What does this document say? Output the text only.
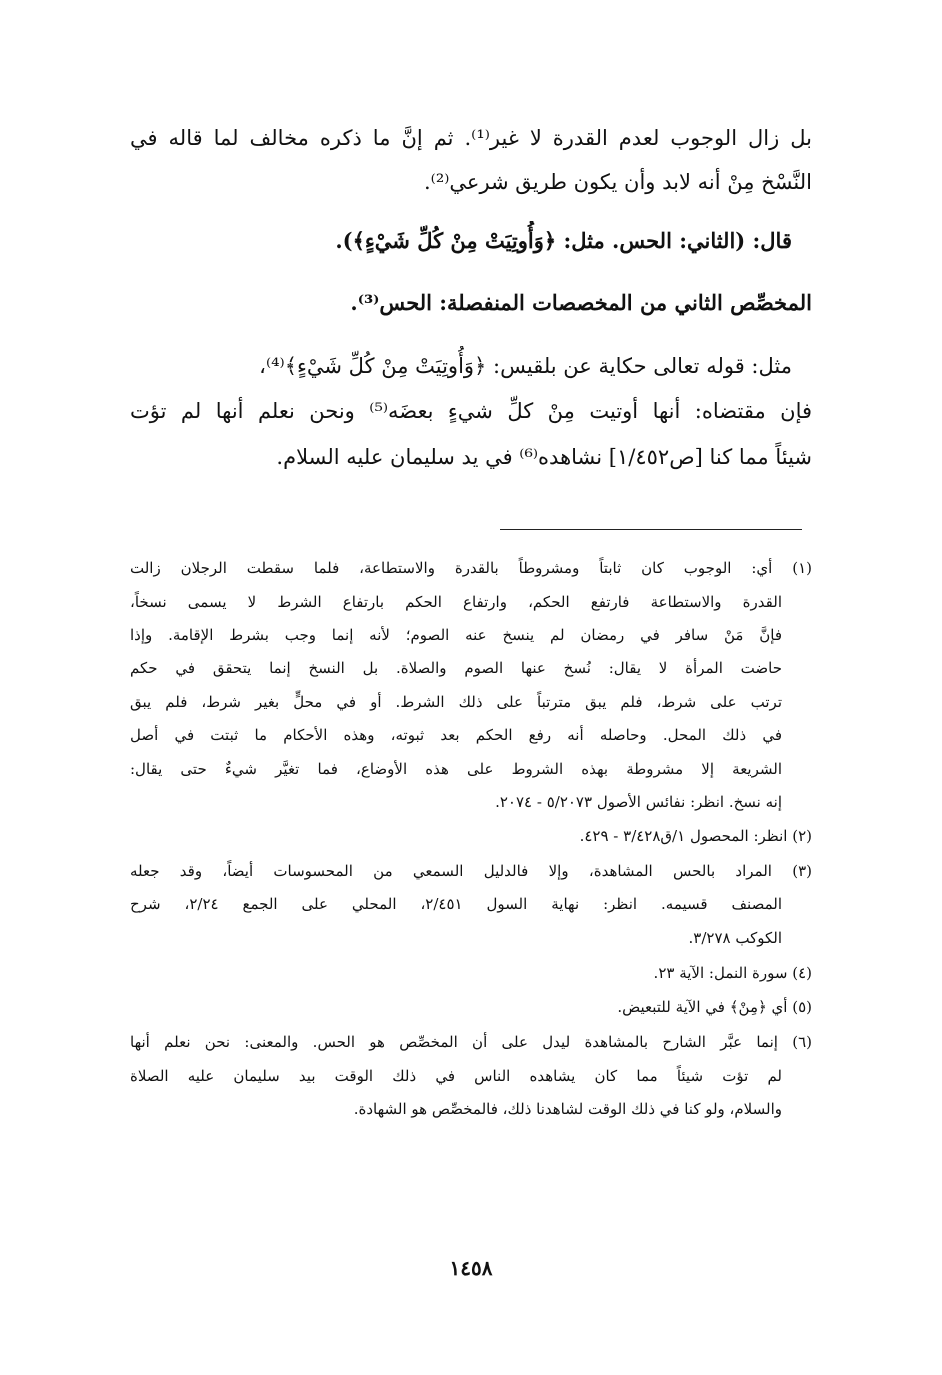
بل زال الوجوب لعدم القدرة لا غير⁽¹⁾. ثم إنَّ ما ذكره مخالف لما قاله في
النَّسْخ مِنْ أنه لابد وأن يكون طريق شرعي⁽²⁾.
قال: (الثاني: الحس. مثل: ﴿وَأُوتِيَتْ مِنْ كُلِّ شَيْءٍ﴾).
المخصِّص الثاني من المخصصات المنفصلة: الحس⁽³⁾.
مثل: قوله تعالى حكاية عن بلقيس: ﴿وَأُوتِيَتْ مِنْ كُلِّ شَيْءٍ﴾⁽⁴⁾،
فإن مقتضاه: أنها أوتيت مِنْ كلِّ شيءٍ بعضَه⁽⁵⁾ ونحن نعلم أنها لم تؤت
شيئاً مما كنا [ص١/٤٥٢] نشاهده⁽⁶⁾ في يد سليمان عليه السلام.
(١) أي: الوجوب كان ثابتاً ومشروطاً بالقدرة والاستطاعة، فلما سقطت الرجلان زالت
القدرة والاستطاعة فارتفع الحكم، وارتفاع الحكم بارتفاع الشرط لا يسمى نسخاً،
فإنَّ مَنْ سافر في رمضان لم ينسخ عنه الصوم؛ لأنه إنما وجب بشرط الإقامة. وإذا
حاضت المرأة لا يقال: نُسخ عنها الصوم والصلاة. بل النسخ إنما يتحقق في حكم
ترتب على شرط، فلم يبق مترتباً على ذلك الشرط. أو في محلٍّ بغير شرط، فلم يبق
في ذلك المحل. وحاصله أنه رفع الحكم بعد ثبوته، وهذه الأحكام ما ثبتت في أصل
الشريعة إلا مشروطة بهذه الشروط على هذه الأوضاع، فما تغيَّر شيءٌ حتى يقال:
إنه نسخ. انظر: نفائس الأصول ٥/٢٠٧٣ - ٢٠٧٤.
(٢) انظر: المحصول ١/ق٣/٤٢٨ - ٤٢٩.
(٣) المراد بالحس المشاهدة، وإلا فالدليل السمعي من المحسوسات أيضاً، وقد جعله
المصنف قسيمه. انظر: نهاية السول ٢/٤٥١، المحلي على الجمع ٢/٢٤، شرح
الكوكب ٣/٢٧٨.
(٤) سورة النمل: الآية ٢٣.
(٥) أي ﴿مِنْ﴾ في الآية للتبعيض.
(٦) إنما عبَّر الشارح بالمشاهدة ليدل على أن المخصِّص هو الحس. والمعنى: نحن نعلم أنها
لم تؤت شيئاً مما كان يشاهده الناس في ذلك الوقت بيد سليمان عليه الصلاة
والسلام، ولو كنا في ذلك الوقت لشاهدنا ذلك، فالمخصِّص هو الشهادة.
١٤٥٨
